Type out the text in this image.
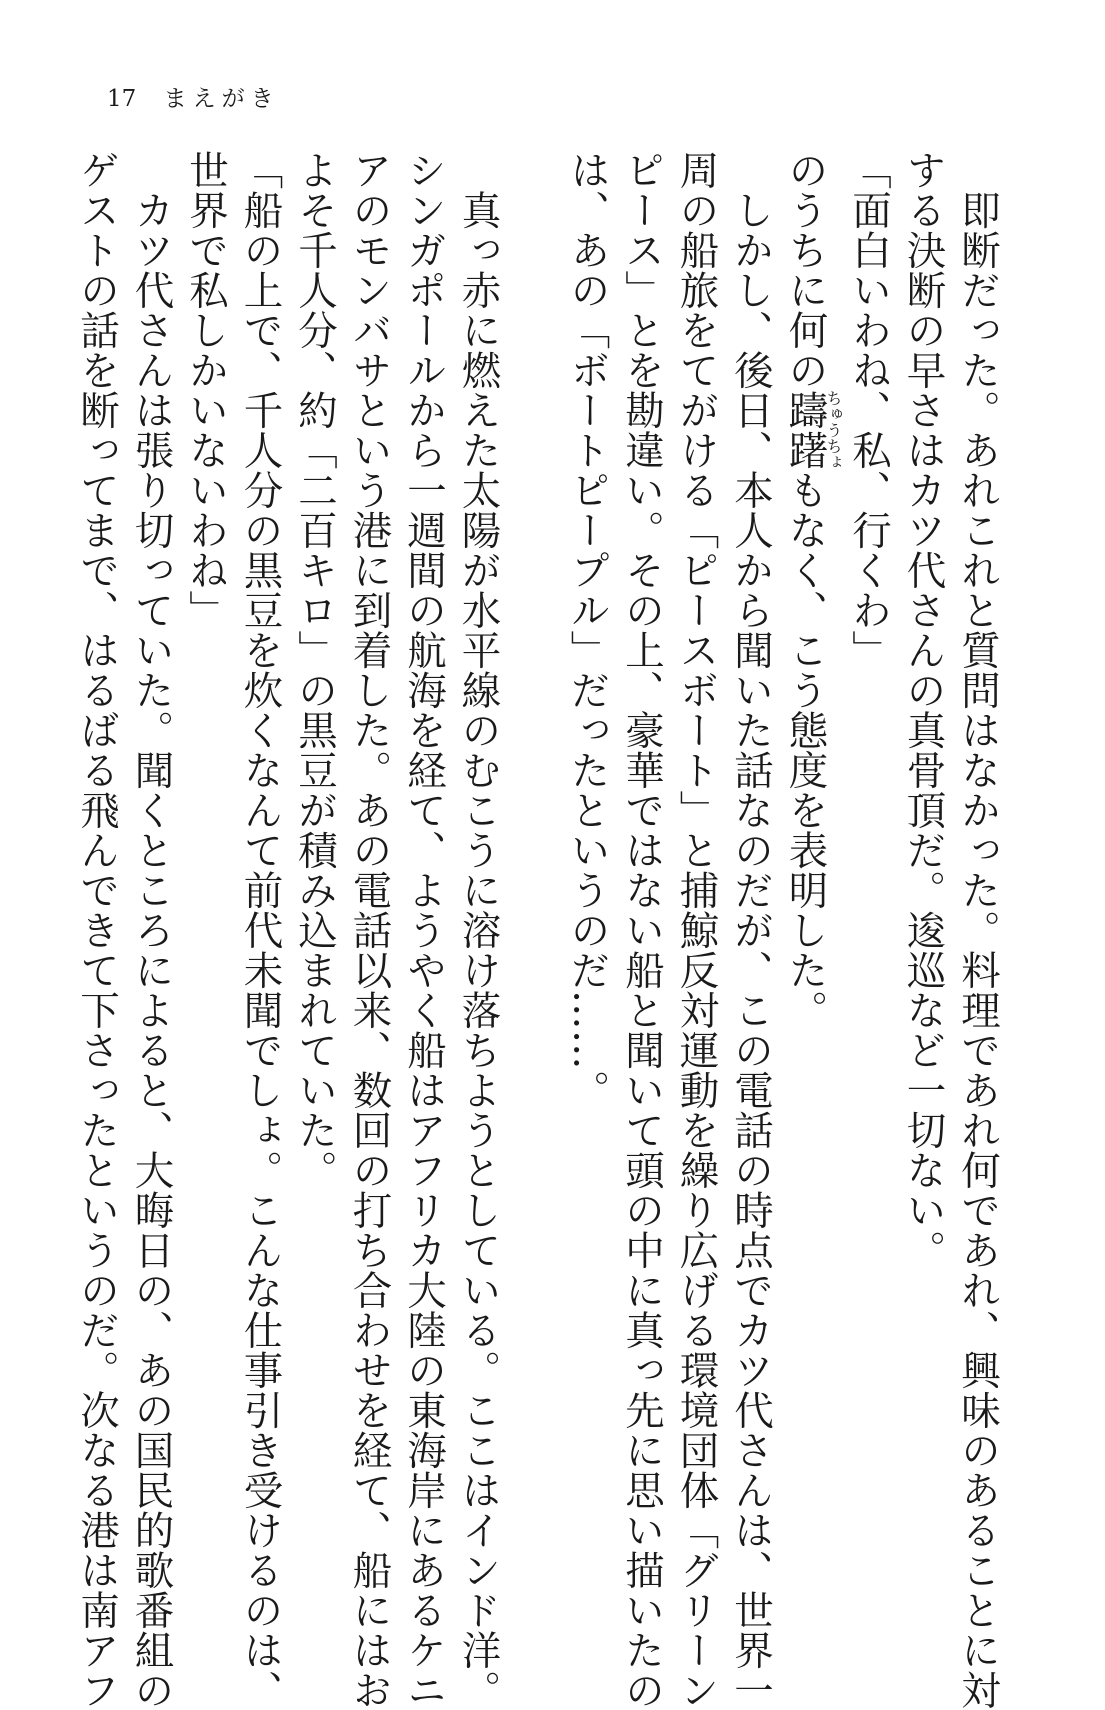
17 まえがき
　即断だった。あれこれと質問はなかった。料理であれ何であれ、興味のあることに対
する決断の早さはカツ代さんの真骨頂だ。逡巡など一切ない。
「面白いわね、私、行くわ」
のうちに何の躊躇ちゅうちょもなく、こう態度を表明した。
　しかし、後日、本人から聞いた話なのだが、この電話の時点でカツ代さんは、世界一
周の船旅をてがける「ピースボート」と捕鯨反対運動を繰り広げる環境団体「グリーン
ピース」とを勘違い。その上、豪華ではない船と聞いて頭の中に真っ先に思い描いたの
は、あの「ボートピープル」だったというのだ……。

　真っ赤に燃えた太陽が水平線のむこうに溶け落ちようとしている。ここはインド洋。
シンガポールから一週間の航海を経て、ようやく船はアフリカ大陸の東海岸にあるケニ
アのモンバサという港に到着した。あの電話以来、数回の打ち合わせを経て、船にはお
よそ千人分、約「二百キロ」の黒豆が積み込まれていた。
「船の上で、千人分の黒豆を炊くなんて前代未聞でしょ。こんな仕事引き受けるのは、
世界で私しかいないわね」
　カツ代さんは張り切っていた。聞くところによると、大晦日の、あの国民的歌番組の
ゲストの話を断ってまで、はるばる飛んできて下さったというのだ。次なる港は南アフ
